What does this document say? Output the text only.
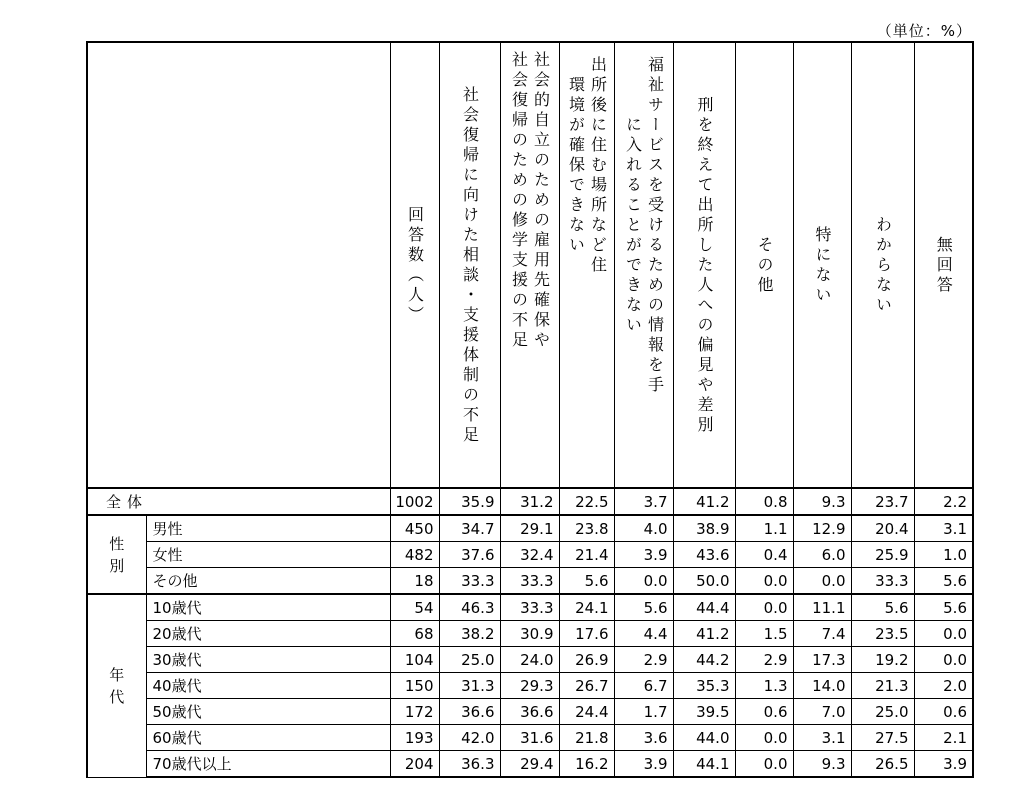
（単位：%）

		回答数（人）	社会復帰に向けた相談・支援体制の不足	社会的自立のための雇用先確保や社会復帰のための修学支援の不足	出所後に住む場所など住環境が確保できない	福祉サービスを受けるための情報を手に入れることができない	刑を終えて出所した人への偏見や差別	その他	特にない	わからない	無回答

全体		1002	35.9	31.2	22.5	3.7	41.2	0.8	9.3	23.7	2.2
性別	男性	450	34.7	29.1	23.8	4.0	38.9	1.1	12.9	20.4	3.1
	女性	482	37.6	32.4	21.4	3.9	43.6	0.4	6.0	25.9	1.0
	その他	18	33.3	33.3	5.6	0.0	50.0	0.0	0.0	33.3	5.6
年代	10歳代	54	46.3	33.3	24.1	5.6	44.4	0.0	11.1	5.6	5.6
	20歳代	68	38.2	30.9	17.6	4.4	41.2	1.5	7.4	23.5	0.0
	30歳代	104	25.0	24.0	26.9	2.9	44.2	2.9	17.3	19.2	0.0
	40歳代	150	31.3	29.3	26.7	6.7	35.3	1.3	14.0	21.3	2.0
	50歳代	172	36.6	36.6	24.4	1.7	39.5	0.6	7.0	25.0	0.6
	60歳代	193	42.0	31.6	21.8	3.6	44.0	0.0	3.1	27.5	2.1
	70歳代以上	204	36.3	29.4	16.2	3.9	44.1	0.0	9.3	26.5	3.9
